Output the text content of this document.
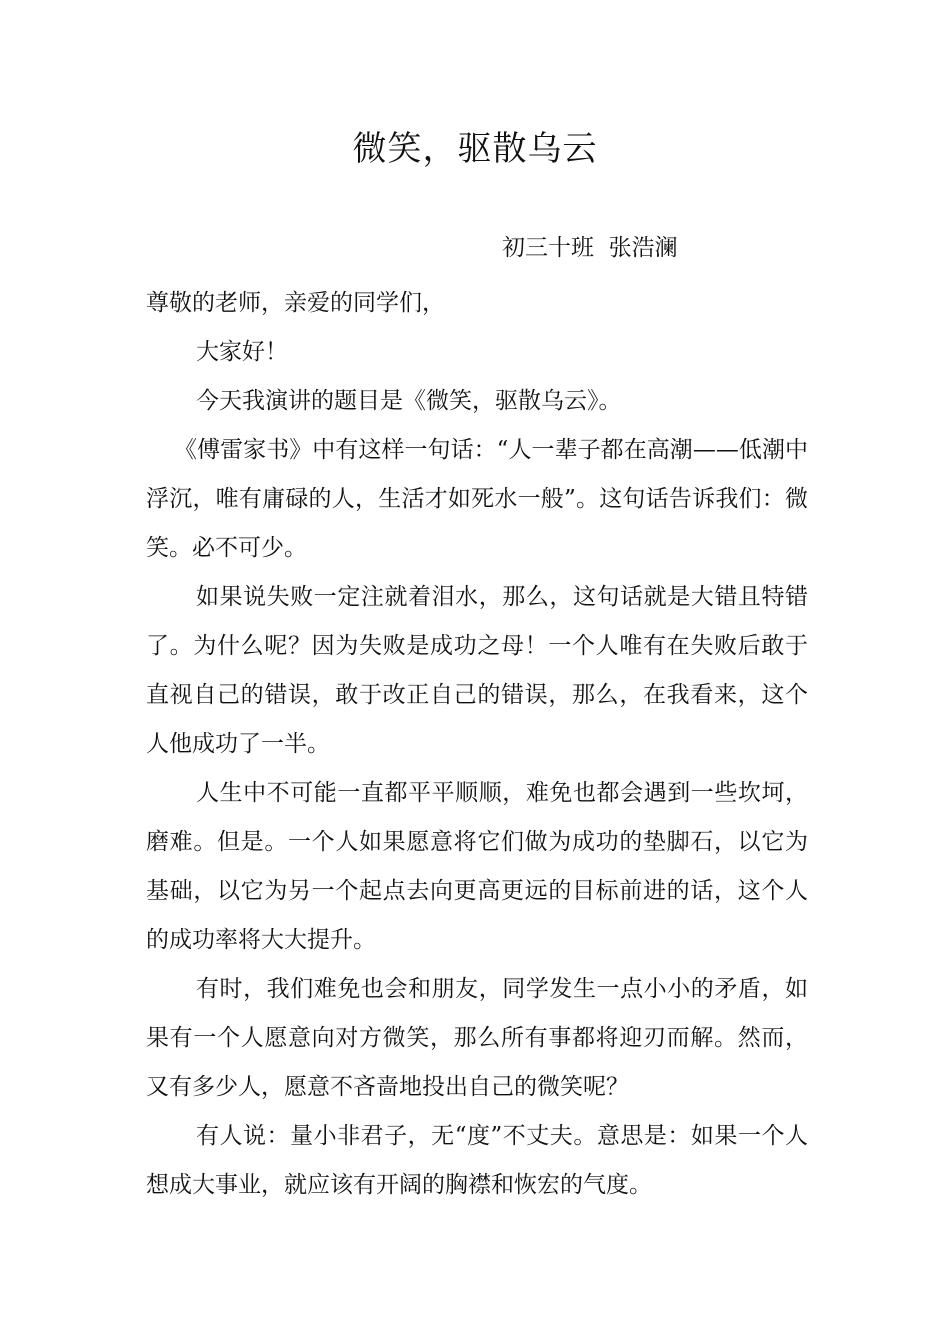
微笑，驱散乌云
初三十班  张浩澜

尊敬的老师，亲爱的同学们，

大家好！

今天我演讲的题目是《微笑，驱散乌云》。

《傅雷家书》中有这样一句话：“人一辈子都在高潮——低潮中浮沉，唯有庸碌的人，生活才如死水一般”。这句话告诉我们：微笑。必不可少。

如果说失败一定注就着泪水，那么，这句话就是大错且特错了。为什么呢？因为失败是成功之母！一个人唯有在失败后敢于直视自己的错误，敢于改正自己的错误，那么，在我看来，这个人他成功了一半。

人生中不可能一直都平平顺顺，难免也都会遇到一些坎坷，磨难。但是。一个人如果愿意将它们做为成功的垫脚石，以它为基础，以它为另一个起点去向更高更远的目标前进的话，这个人的成功率将大大提升。

有时，我们难免也会和朋友，同学发生一点小小的矛盾，如果有一个人愿意向对方微笑，那么所有事都将迎刃而解。然而，又有多少人，愿意不吝啬地投出自己的微笑呢？

有人说：量小非君子，无“度”不丈夫。意思是：如果一个人想成大事业，就应该有开阔的胸襟和恢宏的气度。
